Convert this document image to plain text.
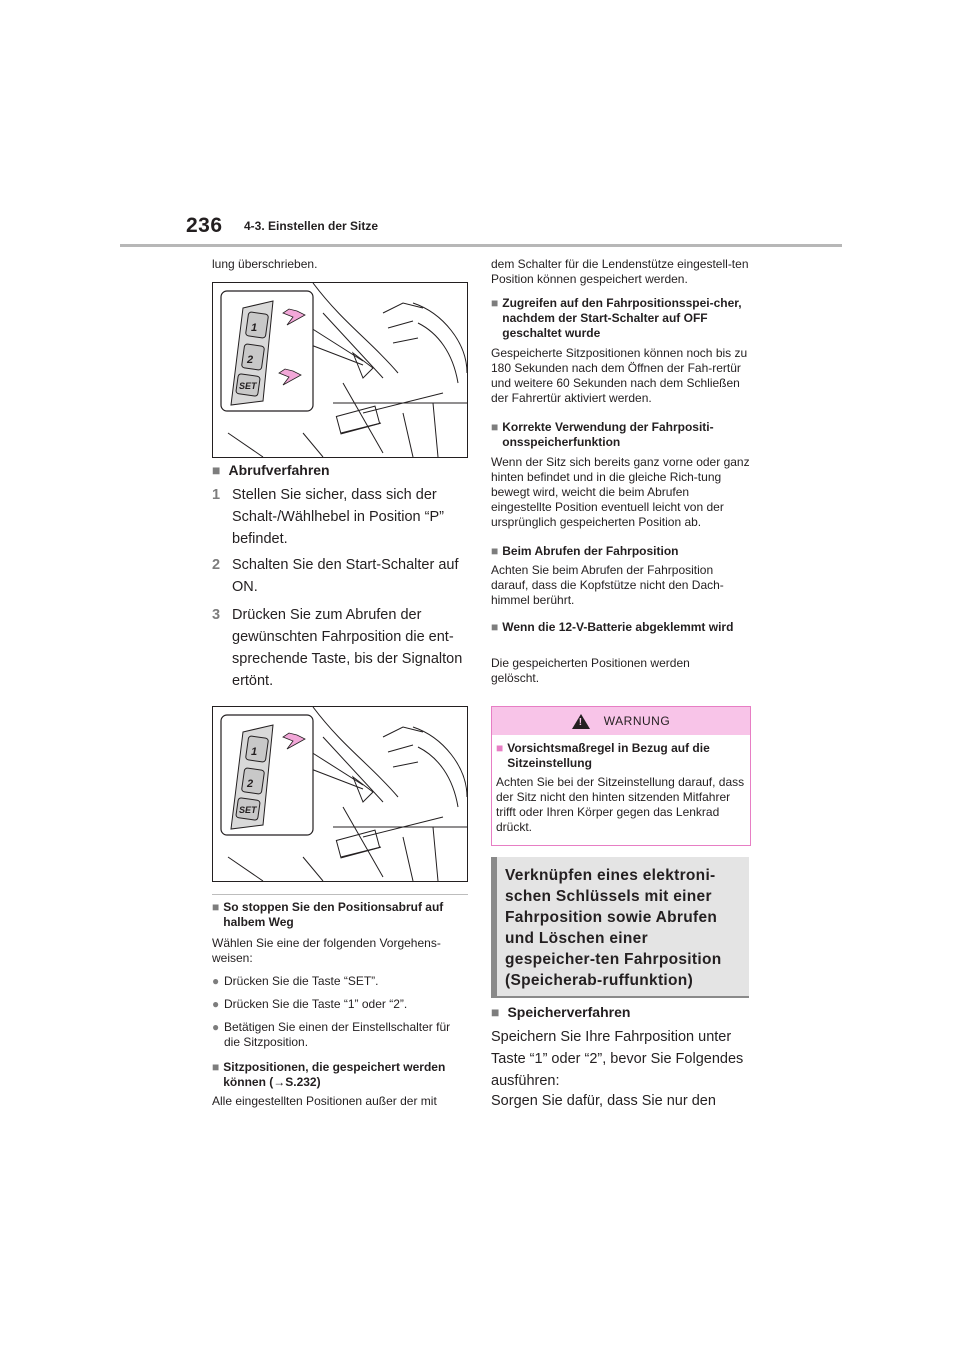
236 4-3. Einstellen der Sitze
lung überschrieben.
1
2
SET
■ Abrufverfahren
1 Stellen Sie sicher, dass sich der Schalt-/Wählhebel in Position “P” befindet.
2 Schalten Sie den Start-Schalter auf ON.
3 Drücken Sie zum Abrufen der gewünschten Fahrposition die ent-sprechende Taste, bis der Signalton ertönt.
1
2
SET
■ So stoppen Sie den Positionsabruf auf halbem Weg
Wählen Sie eine der folgenden Vorgehens-weisen:
● Drücken Sie die Taste “SET”.
● Drücken Sie die Taste “1” oder “2”.
● Betätigen Sie einen der Einstellschalter für die Sitzposition.
■ Sitzpositionen, die gespeichert werden können (→S.232)
Alle eingestellten Positionen außer der mit
dem Schalter für die Lendenstütze eingestell-ten Position können gespeichert werden.
■ Zugreifen auf den Fahrpositionsspei-cher, nachdem der Start-Schalter auf OFF geschaltet wurde
Gespeicherte Sitzpositionen können noch bis zu 180 Sekunden nach dem Öffnen der Fah-rertür und weitere 60 Sekunden nach dem Schließen der Fahrertür aktiviert werden.
■ Korrekte Verwendung der Fahrpositi-onsspeicherfunktion
Wenn der Sitz sich bereits ganz vorne oder ganz hinten befindet und in die gleiche Rich-tung bewegt wird, weicht die beim Abrufen eingestellte Position eventuell leicht von der ursprünglich gespeicherten Position ab.
■ Beim Abrufen der Fahrposition
Achten Sie beim Abrufen der Fahrposition darauf, dass die Kopfstütze nicht den Dach-himmel berührt.
■ Wenn die 12-V-Batterie abgeklemmt wird
Die gespeicherten Positionen werden gelöscht.
! WARNUNG
■ Vorsichtsmaßregel in Bezug auf die Sitzeinstellung
Achten Sie bei der Sitzeinstellung darauf, dass der Sitz nicht den hinten sitzenden Mitfahrer trifft oder Ihren Körper gegen das Lenkrad drückt.
Verknüpfen eines elektroni-schen Schlüssels mit einer Fahrposition sowie Abrufen und Löschen einer gespeicher-ten Fahrposition (Speicherab-ruffunktion)
■ Speicherverfahren
Speichern Sie Ihre Fahrposition unter Taste “1” oder “2”, bevor Sie Folgendes ausführen:
Sorgen Sie dafür, dass Sie nur den
